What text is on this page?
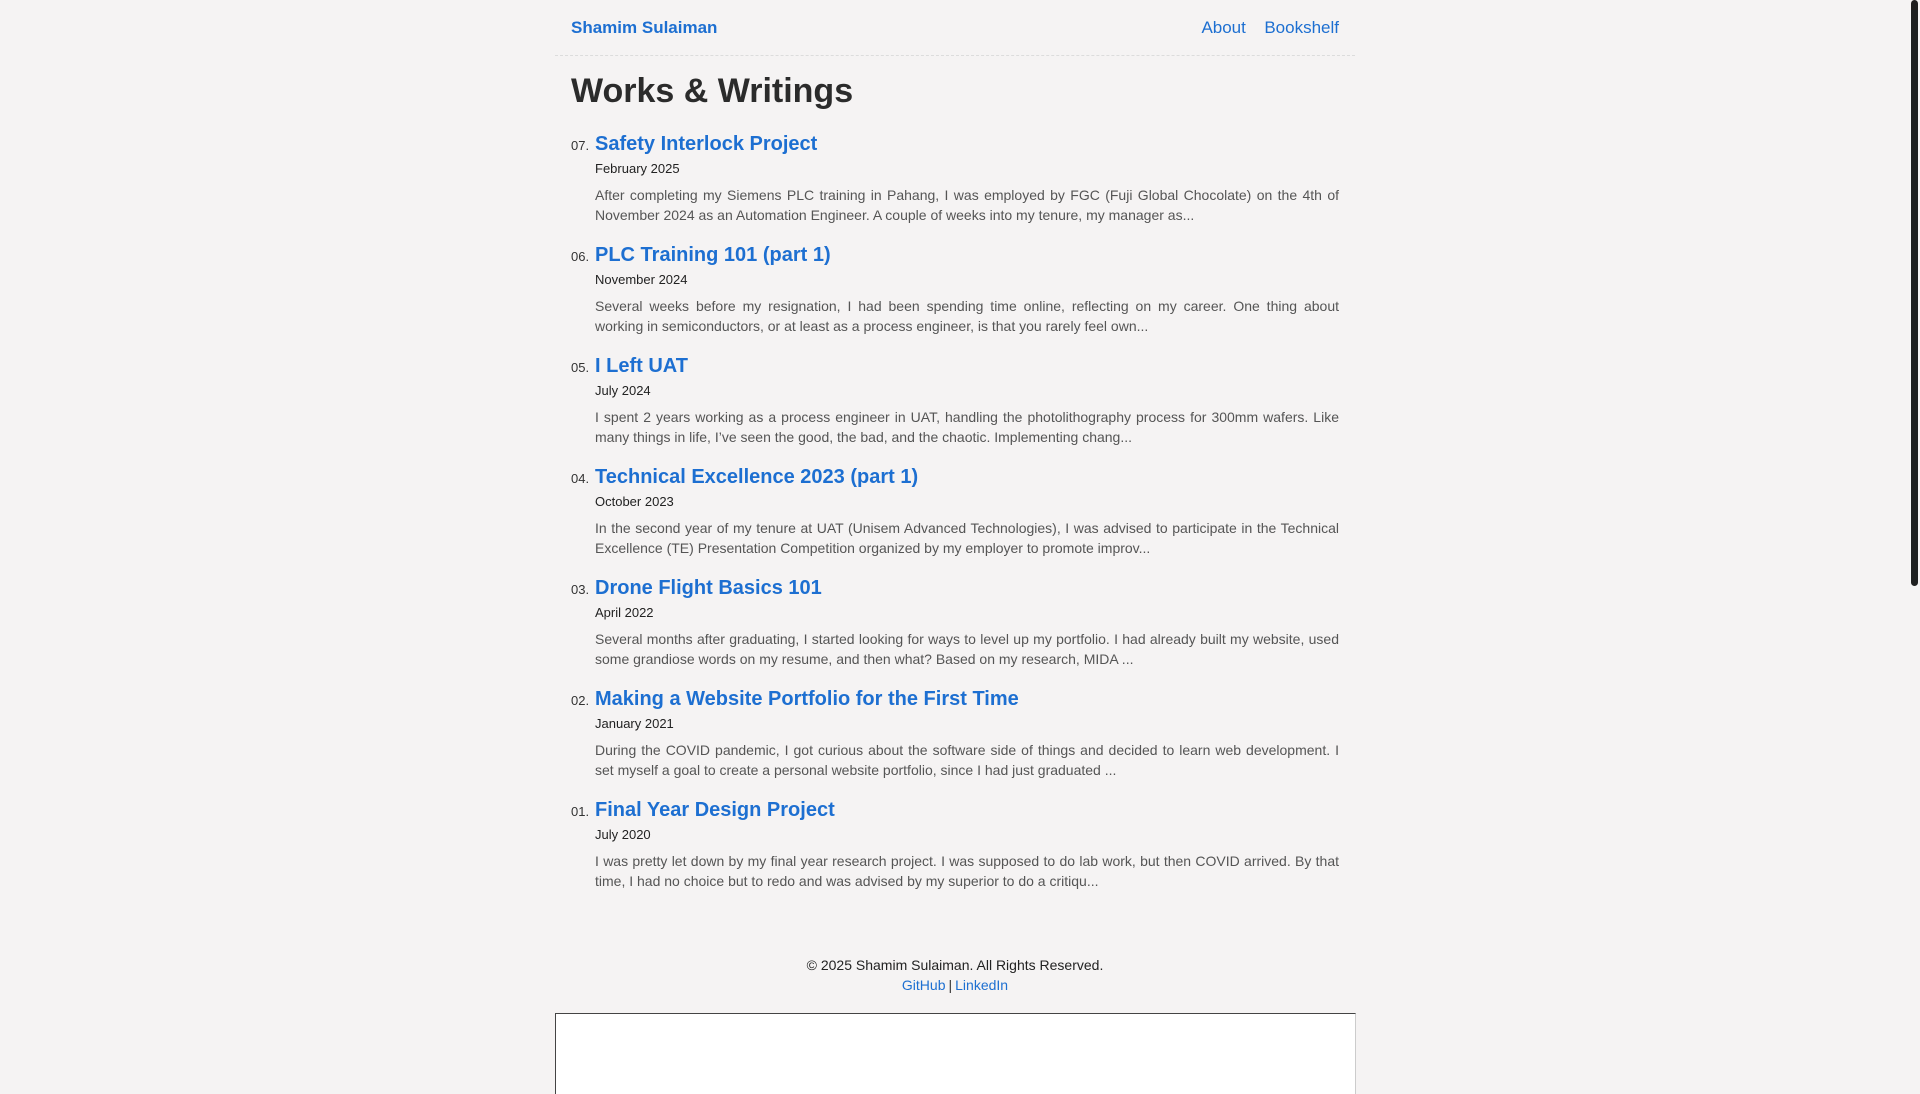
Shamim Sulaiman	About Bookshelf
Works & Writings
07. Safety Interlock Project
February 2025
After completing my Siemens PLC training in Pahang, I was employed by FGC (Fuji Global Chocolate) on the 4th of November 2024 as an Automation Engineer. A couple of weeks into my tenure, my manager as...
06. PLC Training 101 (part 1)
November 2024
Several weeks before my resignation, I had been spending time online, reflecting on my career. One thing about working in semiconductors, or at least as a process engineer, is that you rarely feel own...
05. I Left UAT
July 2024
I spent 2 years working as a process engineer in UAT, handling the photolithography process for 300mm wafers. Like many things in life, I’ve seen the good, the bad, and the chaotic. Implementing chang...
04. Technical Excellence 2023 (part 1)
October 2023
In the second year of my tenure at UAT (Unisem Advanced Technologies), I was advised to participate in the Technical Excellence (TE) Presentation Competition organized by my employer to promote improv...
03. Drone Flight Basics 101
April 2022
Several months after graduating, I started looking for ways to level up my portfolio. I had already built my website, used some grandiose words on my resume, and then what? Based on my research, MIDA ...
02. Making a Website Portfolio for the First Time
January 2021
During the COVID pandemic, I got curious about the software side of things and decided to learn web development. I set myself a goal to create a personal website portfolio, since I had just graduated ...
01. Final Year Design Project
July 2020
I was pretty let down by my final year research project. I was supposed to do lab work, but then COVID arrived. By that time, I had no choice but to redo and was advised by my superior to do a critiqu...
© 2025 Shamim Sulaiman. All Rights Reserved.
GitHub | LinkedIn
